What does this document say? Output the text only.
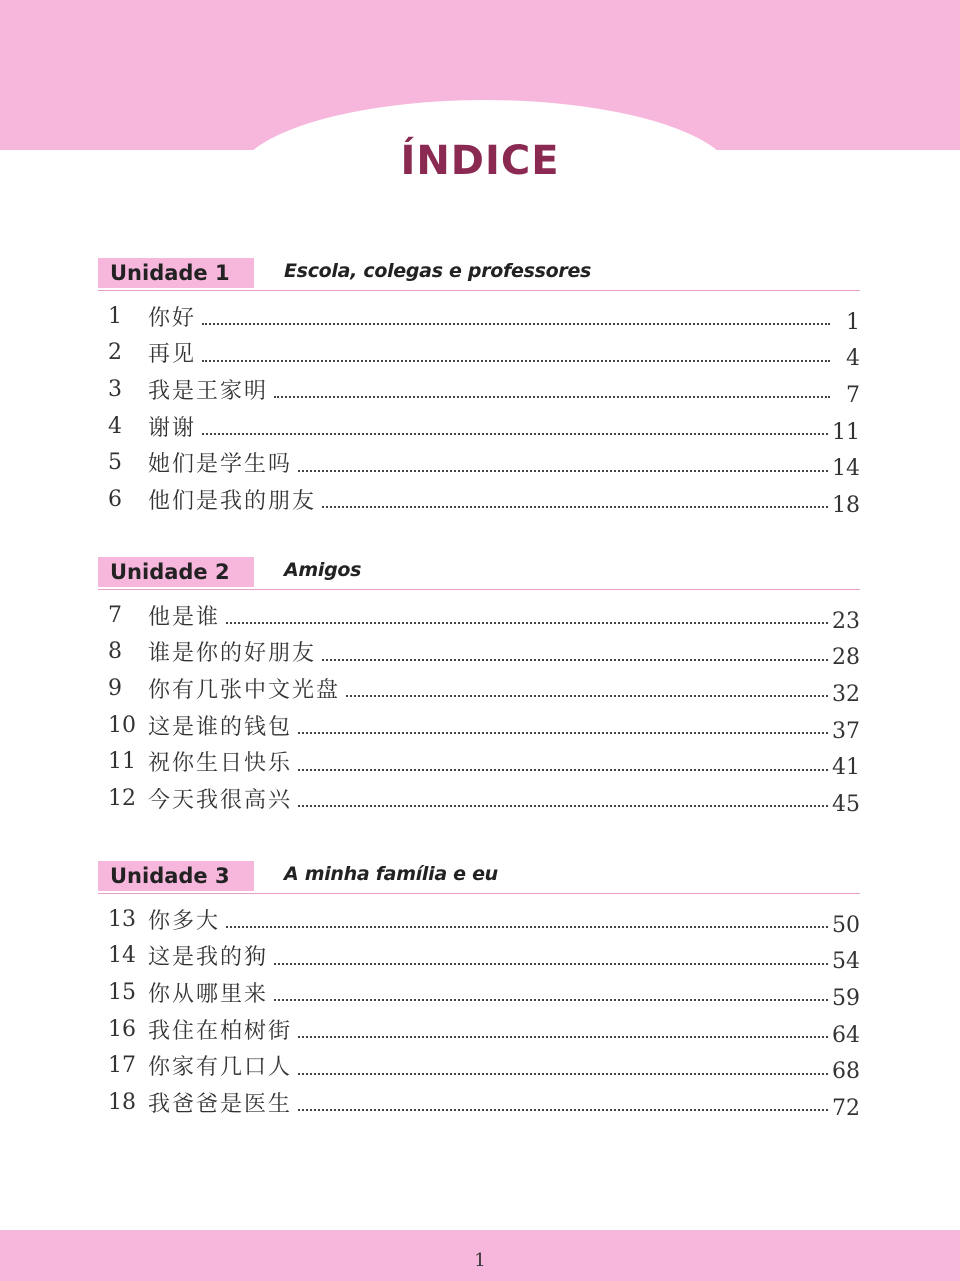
ÍNDICE
Unidade 1	Escola, colegas e professores
1	你好	1
2	再见	4
3	我是王家明	7
4	谢谢	11
5	她们是学生吗	14
6	他们是我的朋友	18
Unidade 2	Amigos
7	他是谁	23
8	谁是你的好朋友	28
9	你有几张中文光盘	32
10 这是谁的钱包	37
11 祝你生日快乐	41
12 今天我很高兴	45
Unidade 3	A minha família e eu
13 你多大	50
14 这是我的狗	54
15 你从哪里来	59
16 我住在柏树街	64
17 你家有几口人	68
18 我爸爸是医生	72
1
